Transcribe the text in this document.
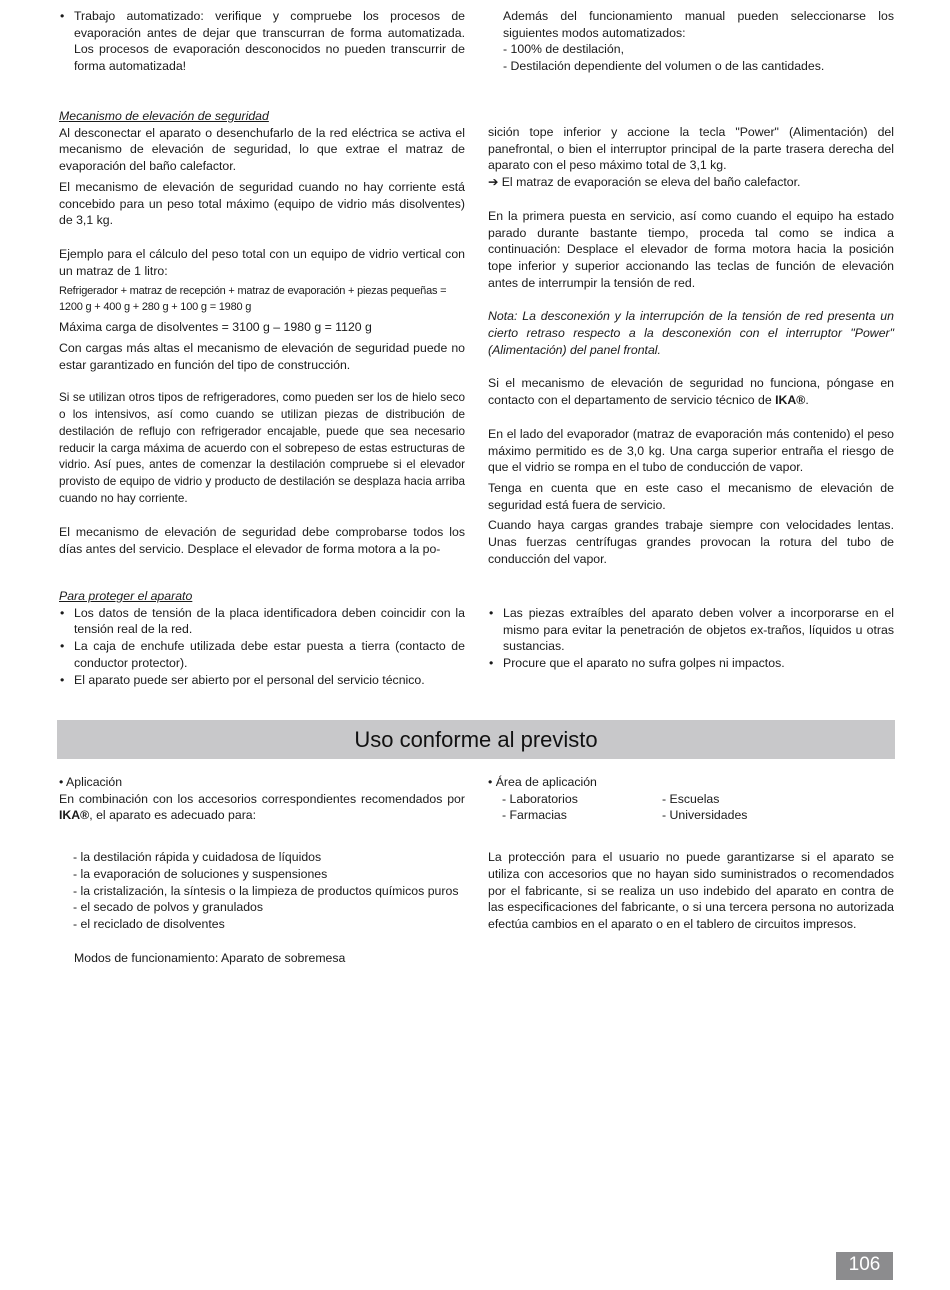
• Trabajo automatizado: verifique y compruebe los procesos de evaporación antes de dejar que transcurran de forma automatizada. Los procesos de evaporación desconocidos no pueden transcurrir de forma automatizada!

Además del funcionamiento manual pueden seleccionarse los siguientes modos automatizados:

- 100% de destilación,
- Destilación dependiente del volumen o de las cantidades.
Mecanismo de elevación de seguridad

Al desconectar el aparato o desenchufarlo de la red eléctrica se activa el mecanismo de elevación de seguridad, lo que extrae el matraz de evaporación del baño calefactor.

El mecanismo de elevación de seguridad cuando no hay corriente está concebido para un peso total máximo (equipo de vidrio más disolventes) de 3,1 kg.

Ejemplo para el cálculo del peso total con un equipo de vidrio vertical con un matraz de 1 litro:

Refrigerador + matraz de recepción + matraz de evaporación + piezas pequeñas =
1200 g + 400 g + 280 g + 100 g = 1980 g

Máxima carga de disolventes = 3100 g – 1980 g = 1120 g

Con cargas más altas el mecanismo de elevación de seguridad puede no estar garantizado en función del tipo de construcción.

Si se utilizan otros tipos de refrigeradores, como pueden ser los de hielo seco o los intensivos, así como cuando se utilizan piezas de distribución de destilación de reflujo con refrigerador encajable, puede que sea necesario reducir la carga máxima de acuerdo con el sobrepeso de estas estructuras de vidrio. Así pues, antes de comenzar la destilación compruebe si el elevador provisto de equipo de vidrio y producto de destilación se desplaza hacia arriba cuando no hay corriente.

El mecanismo de elevación de seguridad debe comprobarse todos los días antes del servicio. Desplace el elevador de forma motora a la po-

sición tope inferior y accione la tecla "Power" (Alimentación) del panefrontal, o bien el interruptor principal de la parte trasera derecha del aparato con el peso máximo total de 3,1 kg.

➔ El matraz de evaporación se eleva del baño calefactor.

En la primera puesta en servicio, así como cuando el equipo ha estado parado durante bastante tiempo, proceda tal como se indica a continuación: Desplace el elevador de forma motora hacia la posición tope inferior y superior accionando las teclas de función de elevación antes de interrumpir la tensión de red.

Nota: La desconexión y la interrupción de la tensión de red presenta un cierto retraso respecto a la desconexión con el interruptor "Power" (Alimentación) del panel frontal.

Si el mecanismo de elevación de seguridad no funciona, póngase en contacto con el departamento de servicio técnico de IKA®.

En el lado del evaporador (matraz de evaporación más contenido) el peso máximo permitido es de 3,0 kg. Una carga superior entraña el riesgo de que el vidrio se rompa en el tubo de conducción de vapor.

Tenga en cuenta que en este caso el mecanismo de elevación de seguridad está fuera de servicio.

Cuando haya cargas grandes trabaje siempre con velocidades lentas. Unas fuerzas centrífugas grandes provocan la rotura del tubo de conducción del vapor.

Para proteger el aparato
• Los datos de tensión de la placa identificadora deben coincidir con la tensión real de la red.
• La caja de enchufe utilizada debe estar puesta a tierra (contacto de conductor protector).
• El aparato puede ser abierto por el personal del servicio técnico.
• Las piezas extraíbles del aparato deben volver a incorporarse en el mismo para evitar la penetración de objetos ex-traños, líquidos u otras sustancias.
• Procure que el aparato no sufra golpes ni impactos.
Uso conforme al previsto
• Aplicación

En combinación con los accesorios correspondientes recomendados por IKA®, el aparato es adecuado para:

- la destilación rápida y cuidadosa de líquidos
- la evaporación de soluciones y suspensiones
- la cristalización, la síntesis o la limpieza de productos químicos puros
- el secado de polvos y granulados
- el reciclado de disolventes
Modos de funcionamiento: Aparato de sobremesa
• Área de aplicación
- Laboratorios
- Farmacias
- Escuelas
- Universidades

La protección para el usuario no puede garantizarse si el aparato se utiliza con accesorios que no hayan sido suministrados o recomendados por el fabricante, si se realiza un uso indebido del aparato en contra de las especificaciones del fabricante, o si una tercera persona no autorizada efectúa cambios en el aparato o en el tablero de circuitos impresos.

106
